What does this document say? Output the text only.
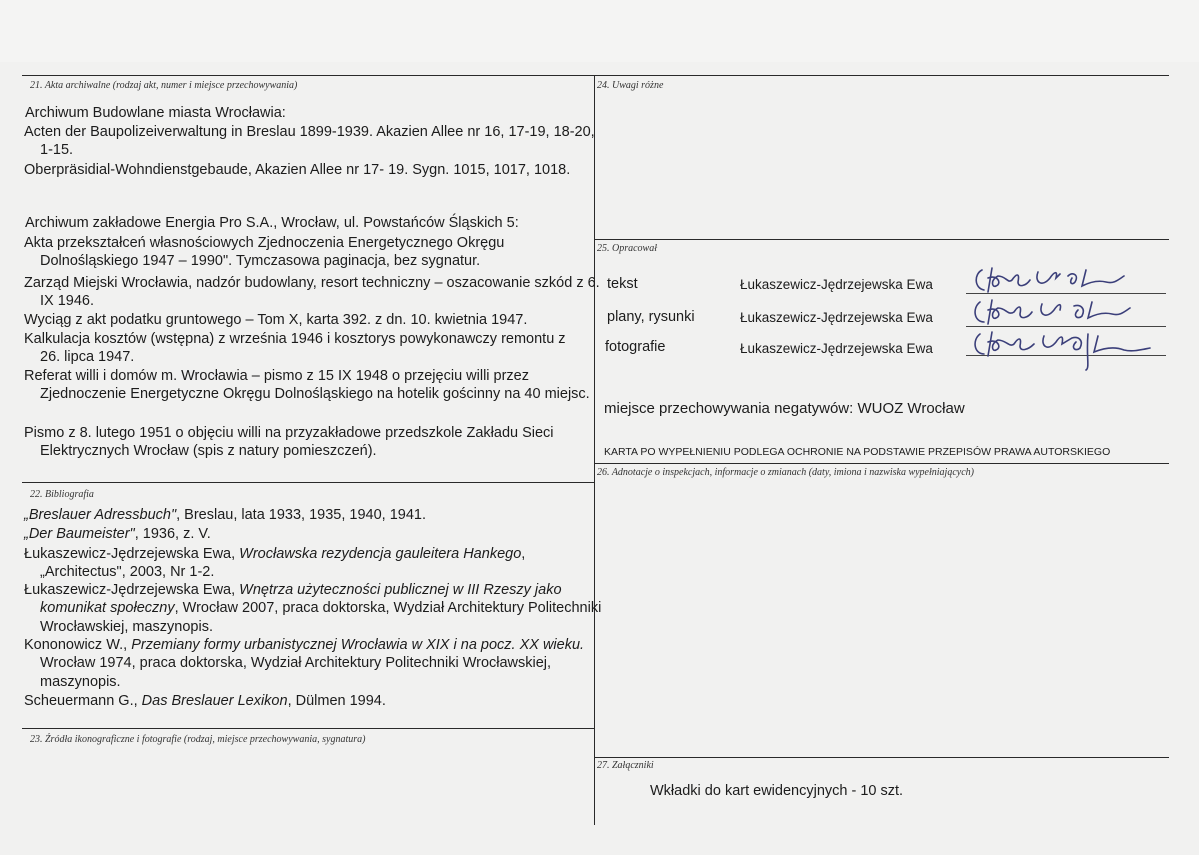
21. Akta archiwalne (rodzaj akt, numer i miejsce przechowywania)
Archiwum Budowlane miasta Wrocławia:
Acten der Baupolizeiverwaltung in Breslau 1899-1939. Akazien Allee nr 16, 17-19, 18-20, 1-15.
Oberpräsidial-Wohndienstgebaude, Akazien Allee nr 17- 19. Sygn. 1015, 1017, 1018.
Archiwum zakładowe Energia Pro S.A., Wrocław, ul. Powstańców Śląskich 5:
Akta przekształceń własnościowych Zjednoczenia Energetycznego Okręgu Dolnośląskiego 1947 – 1990". Tymczasowa paginacja, bez sygnatur.
Zarząd Miejski Wrocławia, nadzór budowlany, resort techniczny – oszacowanie szkód z 6. IX 1946.
Wyciąg z akt podatku gruntowego – Tom X, karta 392. z dn. 10. kwietnia 1947.
Kalkulacja kosztów (wstępna) z września 1946 i kosztorys powykonawczy remontu z 26. lipca 1947.
Referat willi i domów m. Wrocławia – pismo z 15 IX 1948 o przejęciu willi przez Zjednoczenie Energetyczne Okręgu Dolnośląskiego na hotelik gościnny na 40 miejsc.
Pismo z 8. lutego 1951 o objęciu willi na przyzakładowe przedszkole Zakładu Sieci Elektrycznych Wrocław (spis z natury pomieszczeń).
22. Bibliografia
„Breslauer Adressbuch", Breslau, lata 1933, 1935, 1940, 1941.
„Der Baumeister", 1936, z. V.
Łukaszewicz-Jędrzejewska Ewa, Wrocławska rezydencja gauleitera Hankego, „Architectus", 2003, Nr 1-2.
Łukaszewicz-Jędrzejewska Ewa, Wnętrza użyteczności publicznej w III Rzeszy jako komunikat społeczny, Wrocław 2007, praca doktorska, Wydział Architektury Politechniki Wrocławskiej, maszynopis.
Kononowicz W., Przemiany formy urbanistycznej Wrocławia w XIX i na pocz. XX wieku. Wrocław 1974, praca doktorska, Wydział Architektury Politechniki Wrocławskiej, maszynopis.
Scheuermann G., Das Breslauer Lexikon, Dülmen 1994.
23. Źródła ikonograficzne i fotografie (rodzaj, miejsce przechowywania, sygnatura)
24. Uwagi różne
25. Opracował
tekst	Łukaszewicz-Jędrzejewska Ewa
plany, rysunki	Łukaszewicz-Jędrzejewska Ewa
fotografie	Łukaszewicz-Jędrzejewska Ewa
miejsce przechowywania negatywów: WUOZ Wrocław
KARTA PO WYPEŁNIENIU PODLEGA OCHRONIE NA PODSTAWIE PRZEPISÓW PRAWA AUTORSKIEGO
26. Adnotacje o inspekcjach, informacje o zmianach (daty, imiona i nazwiska wypełniających)
27. Załączniki
Wkładki do kart ewidencyjnych - 10 szt.
